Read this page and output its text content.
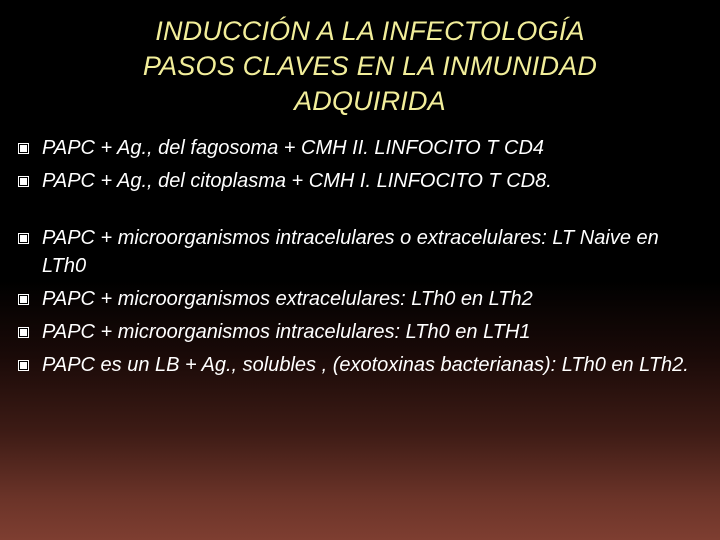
INDUCCIÓN A LA INFECTOLOGÍA
PASOS CLAVES EN LA INMUNIDAD
ADQUIRIDA
PAPC + Ag., del fagosoma + CMH II. LINFOCITO T CD4
PAPC + Ag., del citoplasma + CMH I. LINFOCITO T CD8.
PAPC + microorganismos intracelulares o extracelulares: LT Naive en LTh0
PAPC + microorganismos extracelulares: LTh0 en LTh2
PAPC + microorganismos intracelulares: LTh0 en LTH1
PAPC es un LB + Ag., solubles , (exotoxinas bacterianas): LTh0 en LTh2.
